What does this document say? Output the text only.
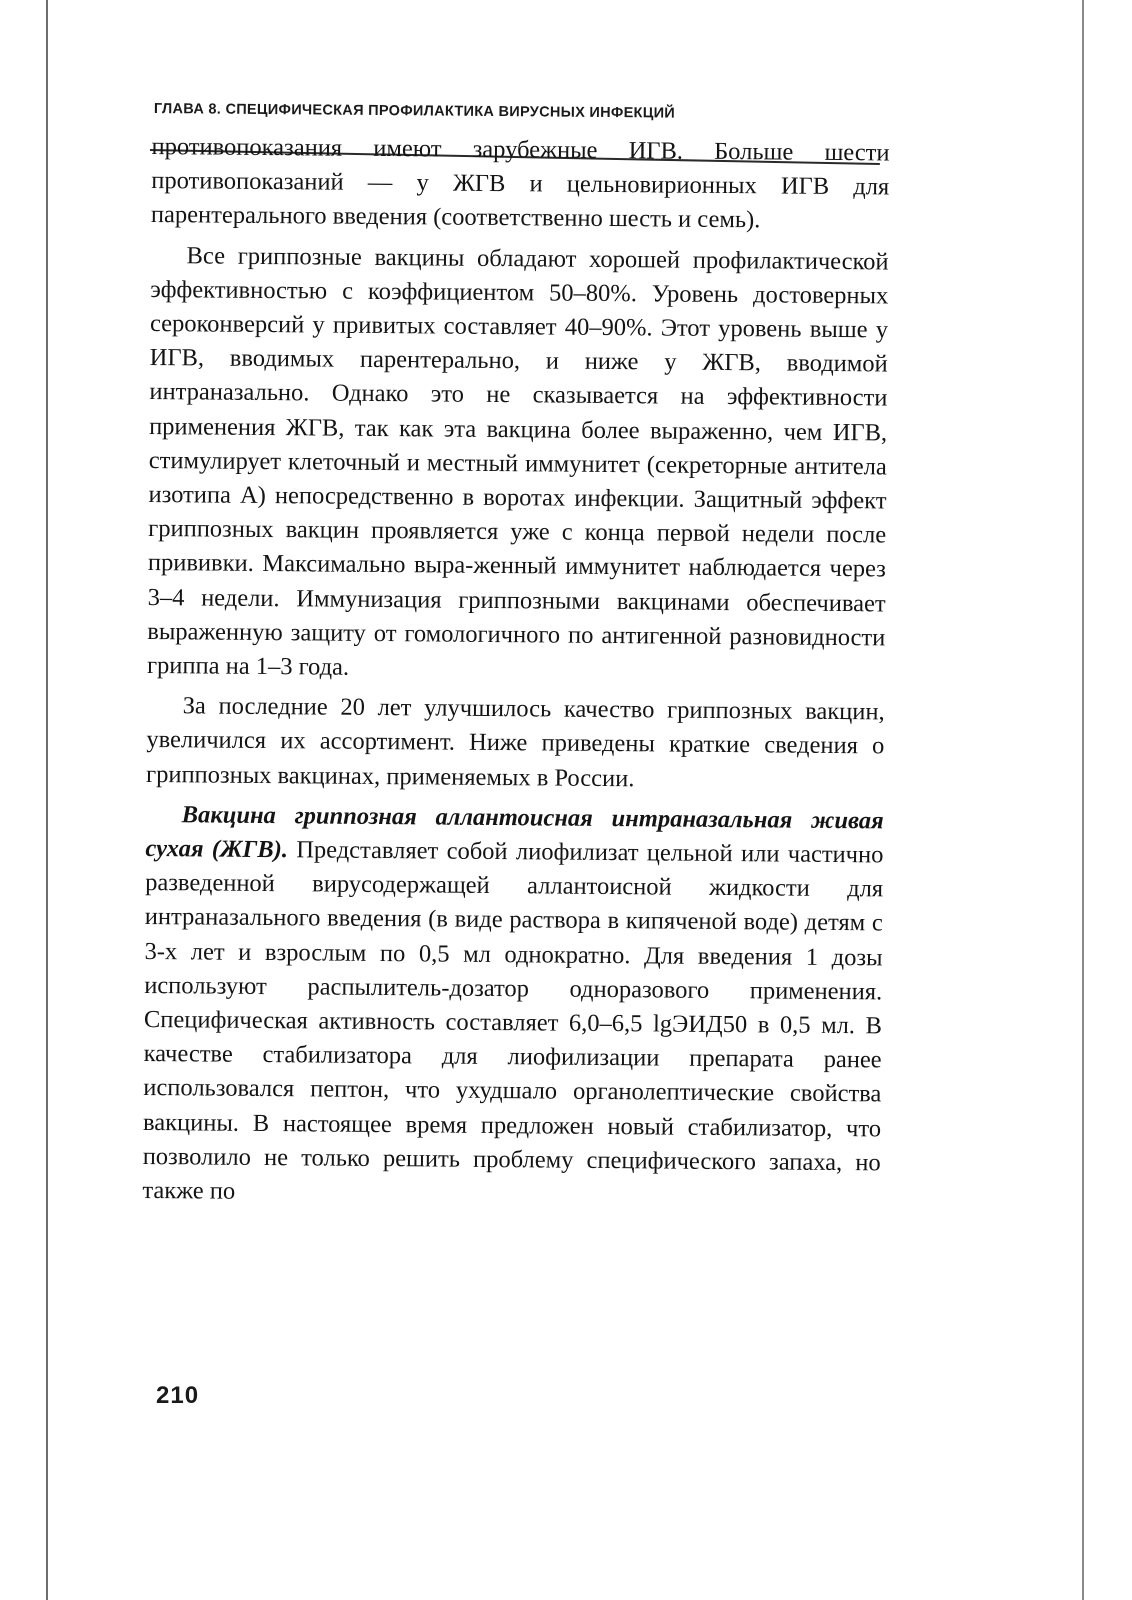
ГЛАВА 8. СПЕЦИФИЧЕСКАЯ ПРОФИЛАКТИКА ВИРУСНЫХ ИНФЕКЦИЙ

противопоказания имеют зарубежные ИГВ. Больше шести противопоказаний — у ЖГВ и цельновирионных ИГВ для парентерального введения (соответственно шесть и семь).

Все гриппозные вакцины обладают хорошей профилактической эффективностью с коэффициентом 50–80%. Уровень достоверных сероконверсий у привитых составляет 40–90%. Этот уровень выше у ИГВ, вводимых парентерально, и ниже у ЖГВ, вводимой интраназально. Однако это не сказывается на эффективности применения ЖГВ, так как эта вакцина более выраженно, чем ИГВ, стимулирует клеточный и местный иммунитет (секреторные антитела изотипа А) непосредственно в воротах инфекции. Защитный эффект гриппозных вакцин проявляется уже с конца первой недели после прививки. Максимально выра-женный иммунитет наблюдается через 3–4 недели. Иммунизация гриппозными вакцинами обеспечивает выраженную защиту от гомологичного по антигенной разновидности гриппа на 1–3 года.

За последние 20 лет улучшилось качество гриппозных вакцин, увеличился их ассортимент. Ниже приведены краткие сведения о гриппозных вакцинах, применяемых в России.

Вакцина гриппозная аллантоисная интраназальная живая сухая (ЖГВ). Представляет собой лиофилизат цельной или частично разведенной вирусодержащей аллантоисной жидкости для интраназального введения (в виде раствора в кипяченой воде) детям с 3-х лет и взрослым по 0,5 мл однократно. Для введения 1 дозы используют распылитель-дозатор одноразового применения. Специфическая активность составляет 6,0–6,5 lgЭИД50 в 0,5 мл. В качестве стабилизатора для лиофилизации препарата ранее использовался пептон, что ухудшало органолептические свойства вакцины. В настоящее время предложен новый стабилизатор, что позволило не только решить проблему специфического запаха, но также по

210
